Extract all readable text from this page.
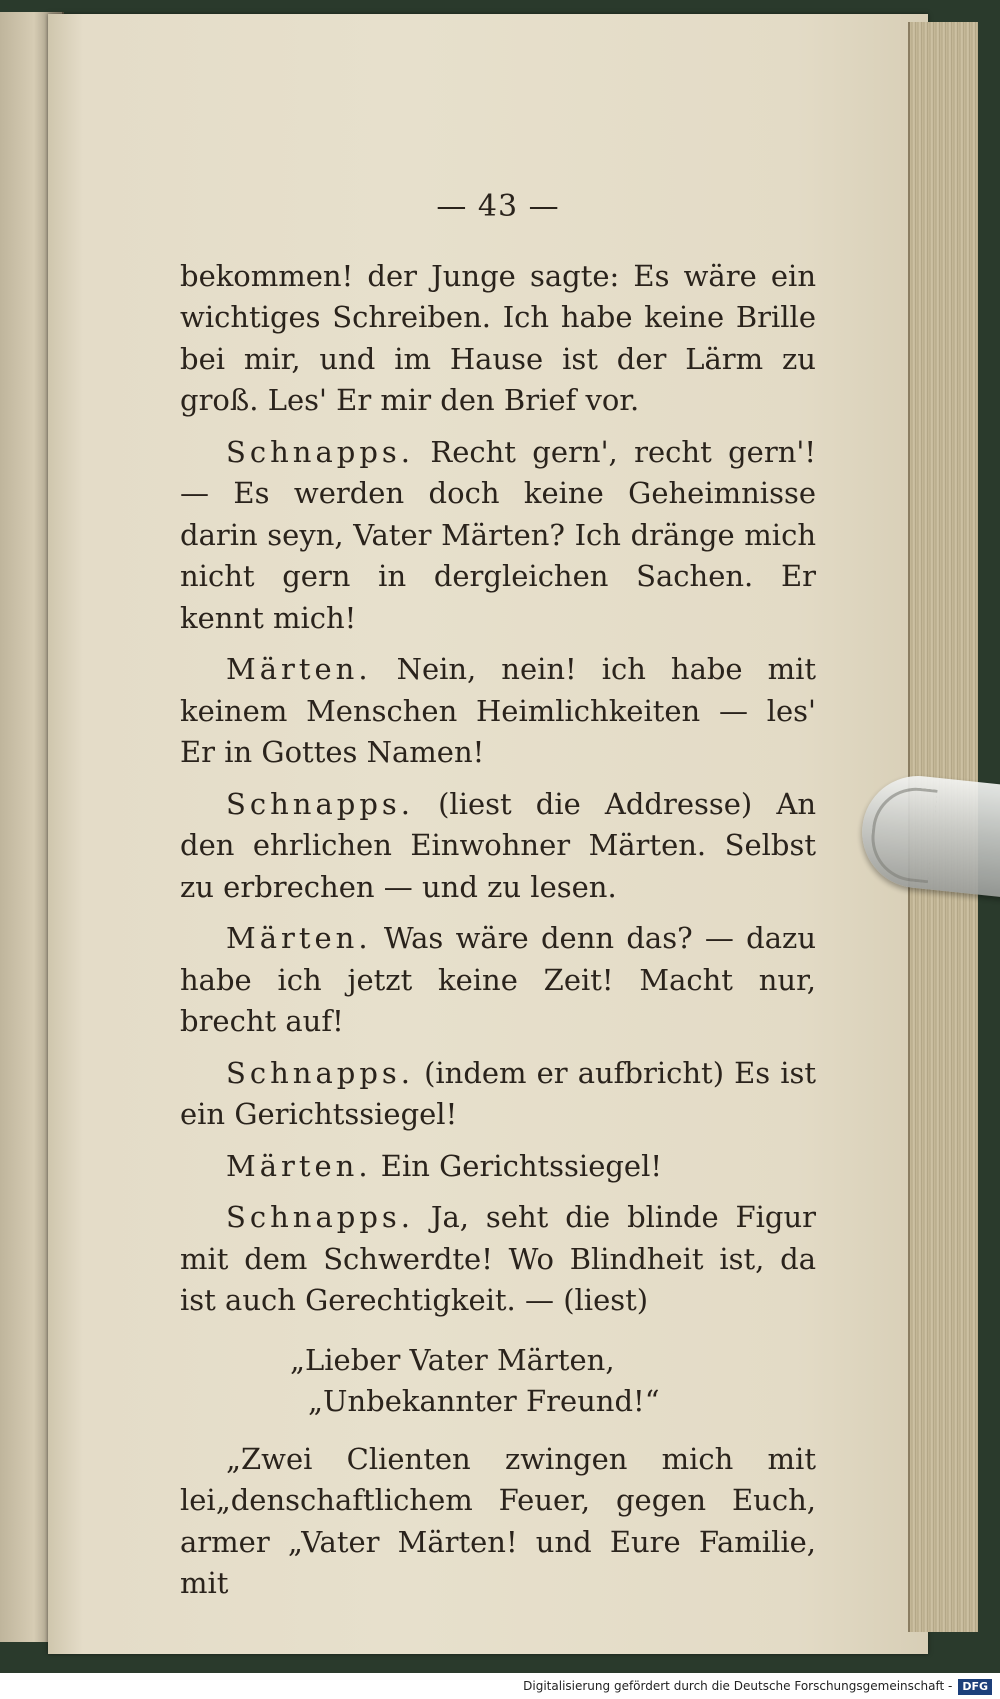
— 43 —

bekommen! der Junge sagte: Es wäre ein wichtiges Schreiben. Ich habe keine Brille bei mir, und im Hause ist der Lärm zu groß. Les' Er mir den Brief vor.

Schnapps. Recht gern', recht gern'! — Es werden doch keine Geheimnisse darin seyn, Vater Märten? Ich dränge mich nicht gern in dergleichen Sachen. Er kennt mich!

Märten. Nein, nein! ich habe mit keinem Menschen Heimlichkeiten — les' Er in Gottes Namen!

Schnapps. (liest die Addresse) An den ehrlichen Einwohner Märten. Selbst zu erbrechen — und zu lesen.

Märten. Was wäre denn das? — dazu habe ich jetzt keine Zeit! Macht nur, brecht auf!

Schnapps. (indem er aufbricht) Es ist ein Gerichtssiegel!

Märten. Ein Gerichtssiegel!

Schnapps. Ja, seht die blinde Figur mit dem Schwerdte! Wo Blindheit ist, da ist auch Gerechtigkeit. — (liest)

„Lieber Vater Märten,
„Unbekannter Freund!“

„Zwei Clienten zwingen mich mit lei„denschaftlichem Feuer, gegen Euch, armer „Vater Märten! und Eure Familie, mit

Digitalisierung gefördert durch die Deutsche Forschungsgemeinschaft - DFG
